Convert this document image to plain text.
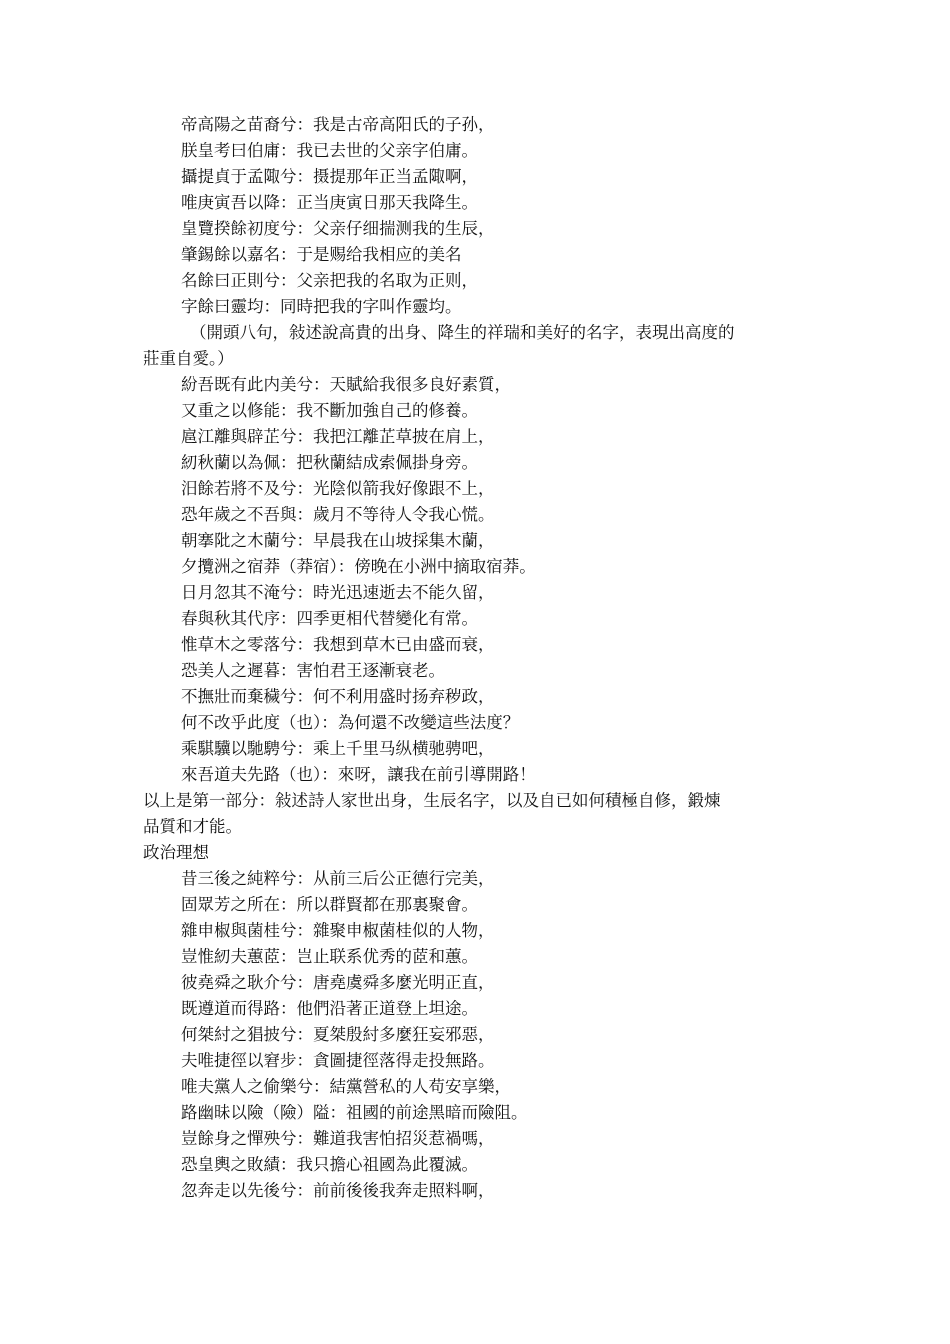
帝高陽之苗裔兮：我是古帝高阳氏的子孙，
朕皇考曰伯庸：我已去世的父亲字伯庸。
攝提貞于孟陬兮：摄提那年正当孟陬啊，
唯庚寅吾以降：正当庚寅日那天我降生。
皇覽揆餘初度兮：父亲仔细揣测我的生辰，
肇錫餘以嘉名：于是赐给我相应的美名
名餘曰正則兮：父亲把我的名取为正则，
字餘曰靈均：同時把我的字叫作靈均。
（開頭八句，敍述說高貴的出身、降生的祥瑞和美好的名字，表現出高度的
莊重自愛。）
紛吾既有此内美兮：天賦給我很多良好素質，
又重之以修能：我不斷加強自己的修養。
扈江離與辟芷兮：我把江離芷草披在肩上，
紉秋蘭以為佩：把秋蘭結成索佩掛身旁。
汨餘若將不及兮：光陰似箭我好像跟不上，
恐年歲之不吾與：歲月不等待人令我心慌。
朝搴阰之木蘭兮：早晨我在山坡採集木蘭，
夕攬洲之宿莽（莽宿）：傍晚在小洲中摘取宿莽。
日月忽其不淹兮：時光迅速逝去不能久留，
春與秋其代序：四季更相代替變化有常。
惟草木之零落兮：我想到草木已由盛而衰，
恐美人之遲暮：害怕君王逐漸衰老。
不撫壯而棄穢兮：何不利用盛时扬弃秽政，
何不改乎此度（也）：為何還不改變這些法度？
乘騏驥以馳騁兮：乘上千里马纵横驰骋吧，
來吾道夫先路（也）：來呀，讓我在前引導開路！
以上是第一部分：敍述詩人家世出身，生辰名字，以及自已如何積極自修，鍛煉
品質和才能。
政治理想
昔三後之純粹兮：从前三后公正德行完美，
固眾芳之所在：所以群賢都在那裏聚會。
雜申椒與菌桂兮：雜聚申椒菌桂似的人物，
豈惟紉夫蕙茝：岂止联系优秀的茝和蕙。
彼堯舜之耿介兮：唐堯虞舜多麼光明正直，
既遵道而得路：他們沿著正道登上坦途。
何桀紂之猖披兮：夏桀殷紂多麼狂妄邪惡，
夫唯捷徑以窘步：貪圖捷徑落得走投無路。
唯夫黨人之偷樂兮：結黨營私的人苟安享樂，
路幽昧以險（險）隘：祖國的前途黑暗而險阻。
豈餘身之憚殃兮：難道我害怕招災惹禍嗎，
恐皇輿之敗績：我只擔心祖國為此覆滅。
忽奔走以先後兮：前前後後我奔走照料啊，
